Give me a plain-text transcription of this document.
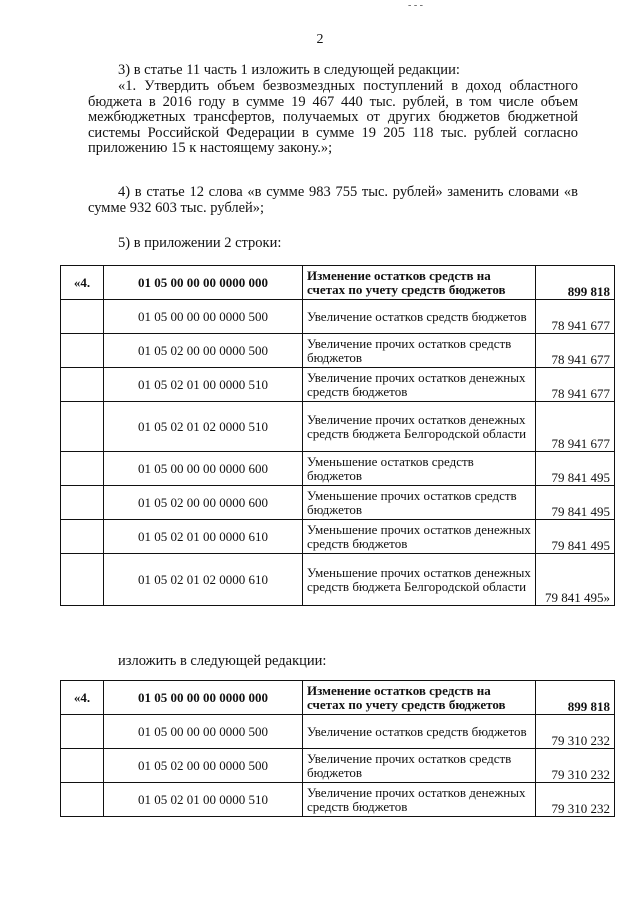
- - -
2
3) в статье 11 часть 1 изложить в следующей редакции:
«1. Утвердить объем безвозмездных поступлений в доход областного бюджета в 2016 году в сумме 19 467 440 тыс. рублей, в том числе объем межбюджетных трансфертов, получаемых от других бюджетов бюджетной системы Российской Федерации в сумме 19 205 118 тыс. рублей согласно приложению 15 к настоящему закону.»;
4) в статье 12 слова «в сумме 983 755 тыс. рублей» заменить словами «в сумме 932 603 тыс. рублей»;
5) в приложении 2 строки:
«4.	01 05 00 00 00 0000 000	Изменение остатков средств на счетах по учету средств бюджетов	899 818
	01 05 00 00 00 0000 500	Увеличение остатков средств бюджетов	78 941 677
	01 05 02 00 00 0000 500	Увеличение прочих остатков средств бюджетов	78 941 677
	01 05 02 01 00 0000 510	Увеличение прочих остатков денежных средств бюджетов	78 941 677
	01 05 02 01 02 0000 510	Увеличение прочих остатков денежных средств бюджета Белгородской области	78 941 677
	01 05 00 00 00 0000 600	Уменьшение остатков средств бюджетов	79 841 495
	01 05 02 00 00 0000 600	Уменьшение прочих остатков средств бюджетов	79 841 495
	01 05 02 01 00 0000 610	Уменьшение прочих остатков денежных средств бюджетов	79 841 495
	01 05 02 01 02 0000 610	Уменьшение прочих остатков денежных средств бюджета Белгородской области	79 841 495»
изложить в следующей редакции:
«4.	01 05 00 00 00 0000 000	Изменение остатков средств на счетах по учету средств бюджетов	899 818
	01 05 00 00 00 0000 500	Увеличение остатков средств бюджетов	79 310 232
	01 05 02 00 00 0000 500	Увеличение прочих остатков средств бюджетов	79 310 232
	01 05 02 01 00 0000 510	Увеличение прочих остатков денежных средств бюджетов	79 310 232
